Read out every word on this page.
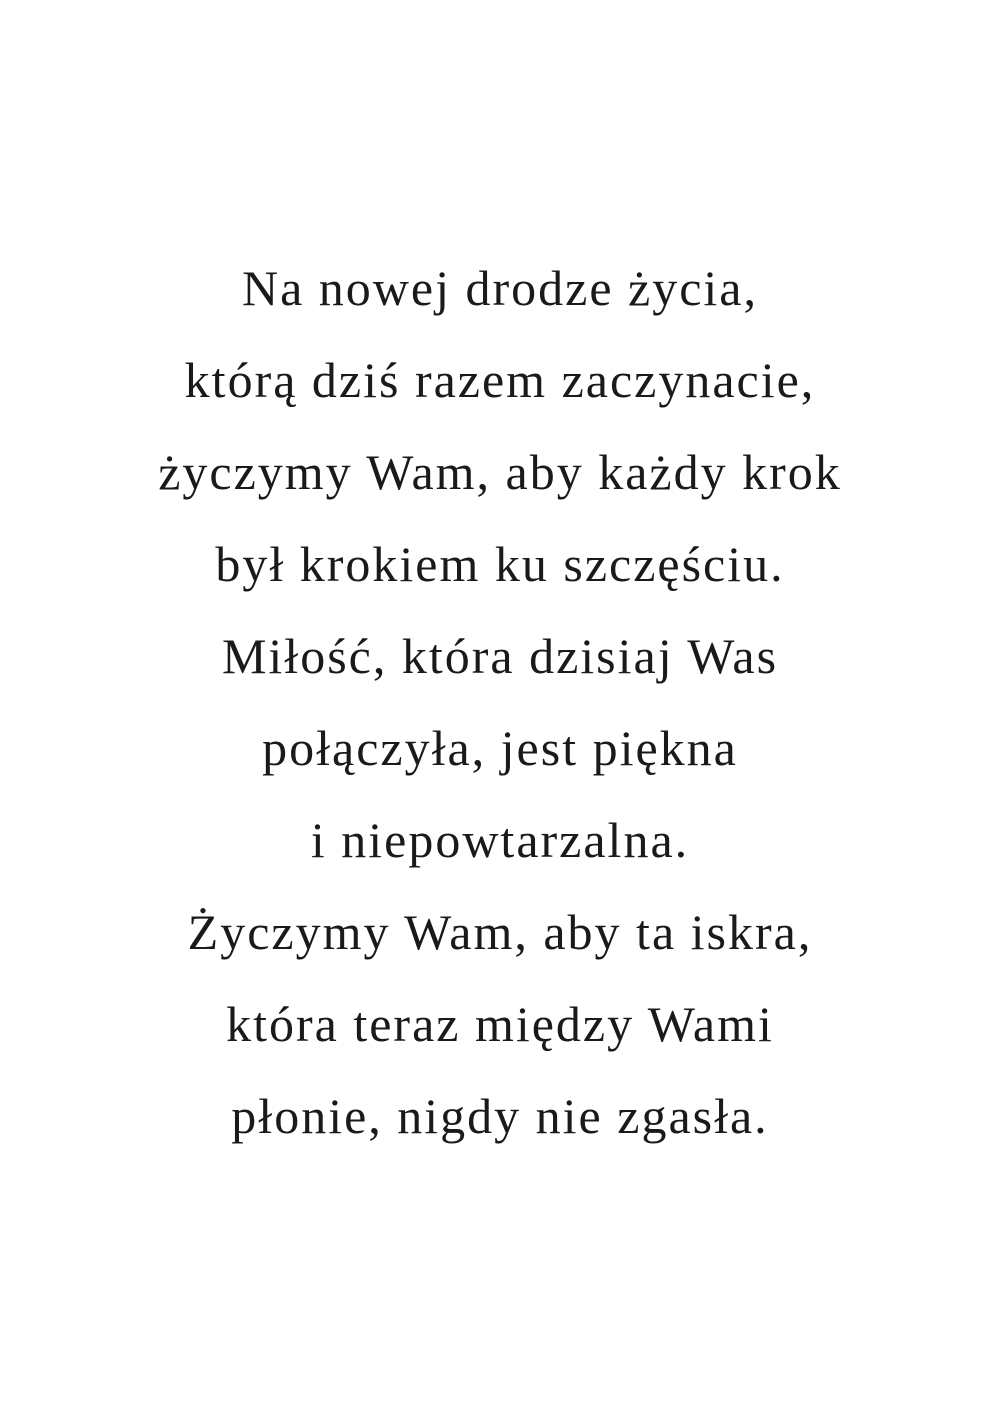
Na nowej drodze życia,
którą dziś razem zaczynacie,
życzymy Wam, aby każdy krok
był krokiem ku szczęściu.
Miłość, która dzisiaj Was
połączyła, jest piękna
i niepowtarzalna.
Życzymy Wam, aby ta iskra,
która teraz między Wami
płonie, nigdy nie zgasła.
